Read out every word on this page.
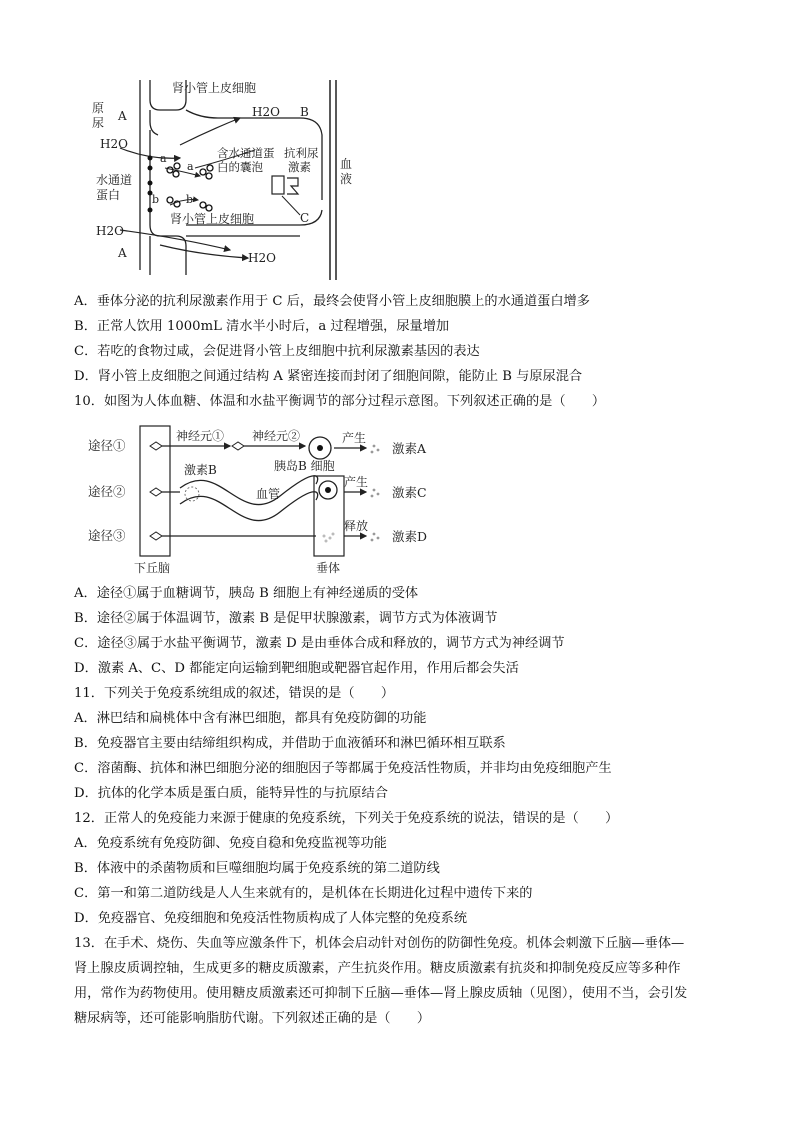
肾小管上皮细胞
原
尿 A	H2O B
H2O
含水通道蛋
白的囊泡
抗利尿
激素 血
液
a
a
水通道
蛋白	b b
C
肾小管上皮细胞
H2O
A	H2O
A．垂体分泌的抗利尿激素作用于 C 后，最终会使肾小管上皮细胞膜上的水通道蛋白增多
B．正常人饮用 1000mL 清水半小时后，a 过程增强，尿量增加
C．若吃的食物过咸，会促进肾小管上皮细胞中抗利尿激素基因的表达
D．肾小管上皮细胞之间通过结构 A 紧密连接而封闭了细胞间隙，能防止 B 与原尿混合
10．如图为人体血糖、体温和水盐平衡调节的部分过程示意图。下列叙述正确的是（　　）
途径①
途径②
途径③
神经元① 神经元②
胰岛B 细胞
产生
激素A
激素B
血管
产生
激素C
释放
激素D
下丘脑	垂体
A．途径①属于血糖调节，胰岛 B 细胞上有神经递质的受体
B．途径②属于体温调节，激素 B 是促甲状腺激素，调节方式为体液调节
C．途径③属于水盐平衡调节，激素 D 是由垂体合成和释放的，调节方式为神经调节
D．激素 A、C、D 都能定向运输到靶细胞或靶器官起作用，作用后都会失活
11．下列关于免疫系统组成的叙述，错误的是（　　）
A．淋巴结和扁桃体中含有淋巴细胞，都具有免疫防御的功能
B．免疫器官主要由结缔组织构成，并借助于血液循环和淋巴循环相互联系
C．溶菌酶、抗体和淋巴细胞分泌的细胞因子等都属于免疫活性物质，并非均由免疫细胞产生
D．抗体的化学本质是蛋白质，能特异性的与抗原结合
12．正常人的免疫能力来源于健康的免疫系统，下列关于免疫系统的说法，错误的是（　　）
A．免疫系统有免疫防御、免疫自稳和免疫监视等功能
B．体液中的杀菌物质和巨噬细胞均属于免疫系统的第二道防线
C．第一和第二道防线是人人生来就有的，是机体在长期进化过程中遗传下来的
D．免疫器官、免疫细胞和免疫活性物质构成了人体完整的免疫系统
13．在手术、烧伤、失血等应激条件下，机体会启动针对创伤的防御性免疫。机体会刺激下丘脑—垂体—
肾上腺皮质调控轴，生成更多的糖皮质激素，产生抗炎作用。糖皮质激素有抗炎和抑制免疫反应等多种作
用，常作为药物使用。使用糖皮质激素还可抑制下丘脑—垂体—肾上腺皮质轴（见图），使用不当，会引发
糖尿病等，还可能影响脂肪代谢。下列叙述正确的是（　　）
